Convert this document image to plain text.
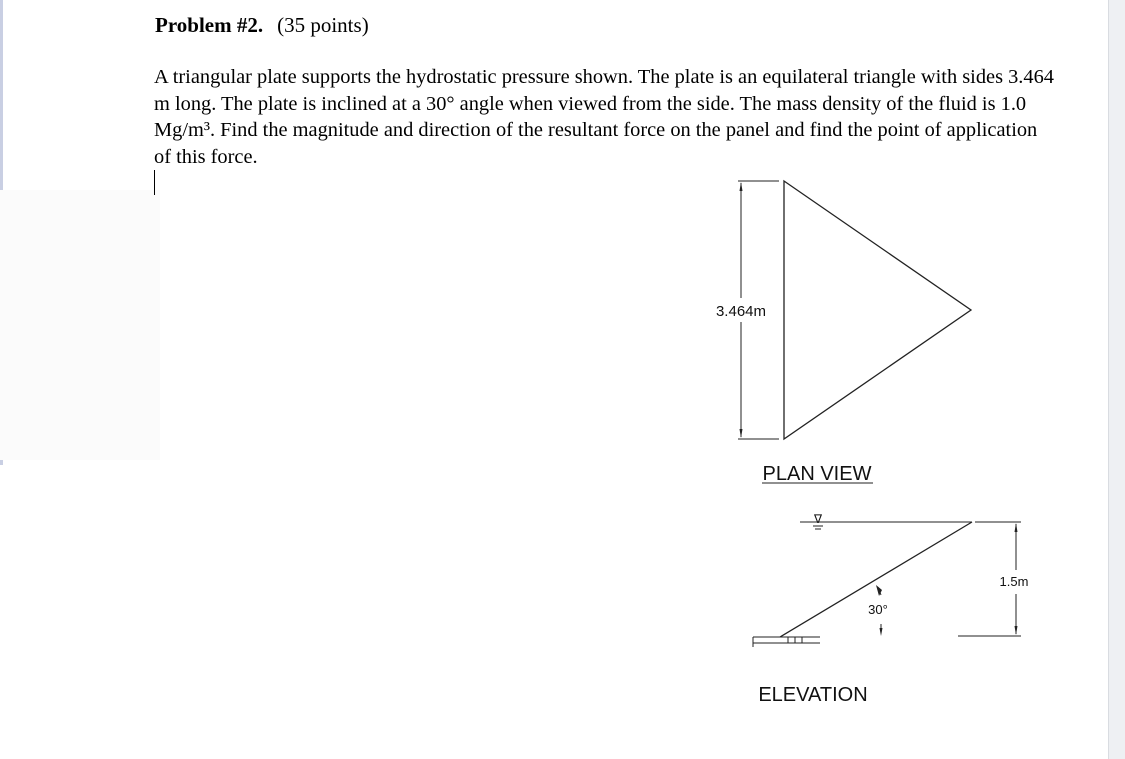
Problem #2. (35 points)
A triangular plate supports the hydrostatic pressure shown. The plate is an equilateral triangle with sides 3.464 m long. The plate is inclined at a 30° angle when viewed from the side. The mass density of the fluid is 1.0 Mg/m³. Find the magnitude and direction of the resultant force on the panel and find the point of application of this force.
3.464m
PLAN VIEW
∇
1.5m
30°
ELEVATION
